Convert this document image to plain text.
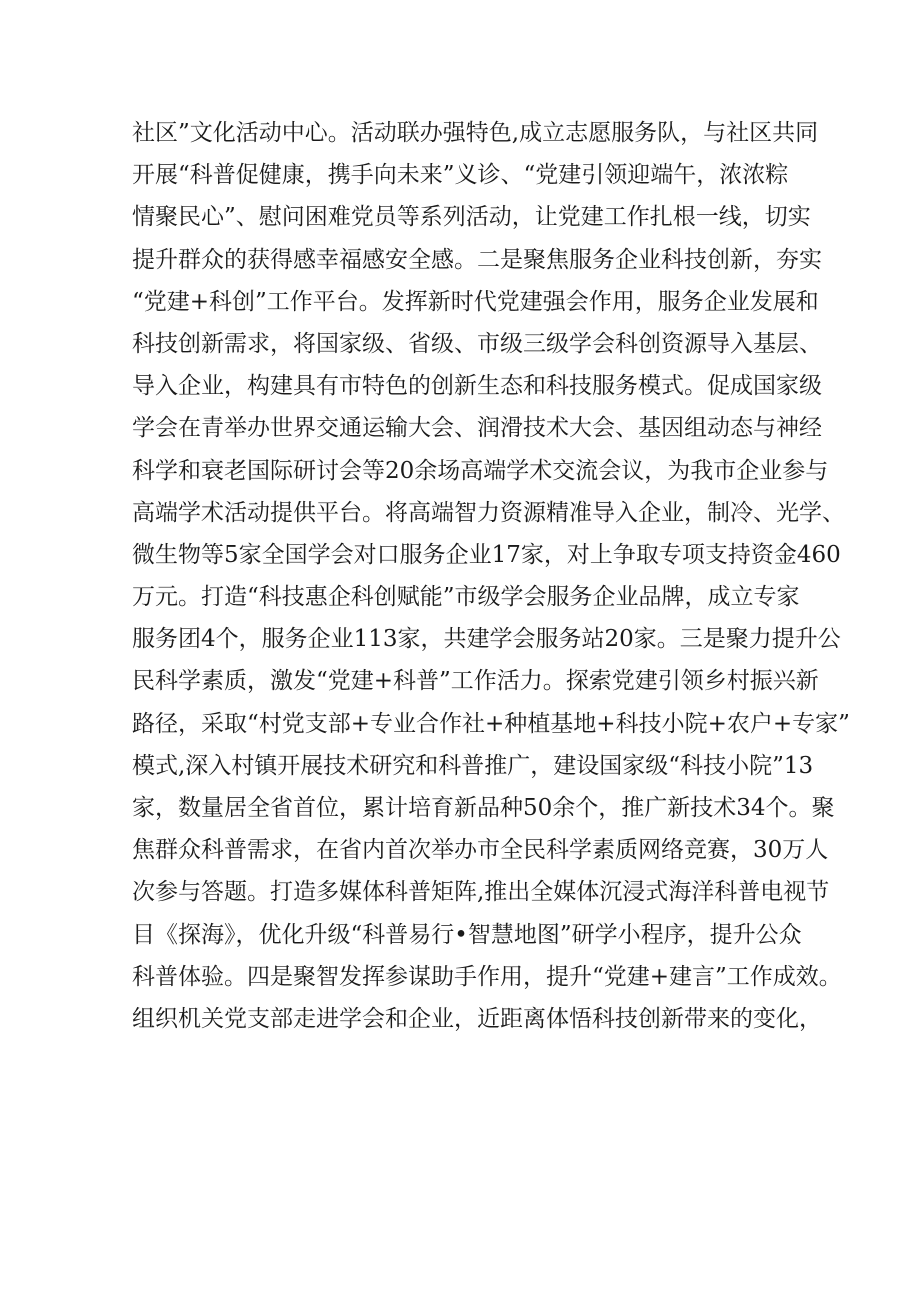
社区”文化活动中心。活动联办强特色,成立志愿服务队，与社区共同
开展“科普促健康，携手向未来”义诊、“党建引领迎端午，浓浓粽
情聚民心”、慰问困难党员等系列活动，让党建工作扎根一线，切实
提升群众的获得感幸福感安全感。二是聚焦服务企业科技创新，夯实
“党建+科创”工作平台。发挥新时代党建强会作用，服务企业发展和
科技创新需求，将国家级、省级、市级三级学会科创资源导入基层、
导入企业，构建具有市特色的创新生态和科技服务模式。促成国家级
学会在青举办世界交通运输大会、润滑技术大会、基因组动态与神经
科学和衰老国际研讨会等20余场高端学术交流会议，为我市企业参与
高端学术活动提供平台。将高端智力资源精准导入企业，制冷、光学、
微生物等5家全国学会对口服务企业17家，对上争取专项支持资金460
万元。打造“科技惠企科创赋能”市级学会服务企业品牌，成立专家
服务团4个，服务企业113家，共建学会服务站20家。三是聚力提升公
民科学素质，激发“党建+科普”工作活力。探索党建引领乡村振兴新
路径，采取“村党支部+专业合作社+种植基地+科技小院+农户+专家”
模式,深入村镇开展技术研究和科普推广，建设国家级“科技小院”13
家，数量居全省首位，累计培育新品种50余个，推广新技术34个。聚
焦群众科普需求，在省内首次举办市全民科学素质网络竞赛，30万人
次参与答题。打造多媒体科普矩阵,推出全媒体沉浸式海洋科普电视节
目《探海》，优化升级“科普易行•智慧地图”研学小程序，提升公众
科普体验。四是聚智发挥参谋助手作用，提升“党建+建言”工作成效。
组织机关党支部走进学会和企业，近距离体悟科技创新带来的变化，
